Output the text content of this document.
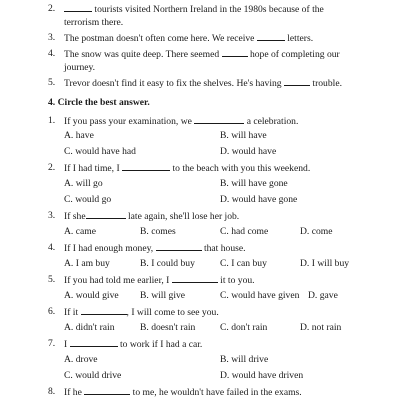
2.	tourists visited Northern Ireland in the 1980s because of the
terrorism there.
3. The postman doesn't often come here. We receive	letters.
4. The snow was quite deep. There seemed	hope of completing our
journey.
5. Trevor doesn't find it easy to fix the shelves. He's having	trouble.
4. Circle the best answer.
1. If you pass your examination, we	a celebration.
A. have	B. will have
C. would have had	D. would have
2. If I had time, I	to the beach with you this weekend.
A. will go	B. will have gone
C. would go	D. would have gone
3. If she	late again, she'll lose her job.
A. came	B. comes	C. had come	D. come
4. If I had enough money,	that house.
A. I am buy	B. I could buy	C. I can buy	D. I will buy
5. If you had told me earlier, I	it to you.
A. would give B. will give	C. would have given D. gave
6. If it	, I will come to see you.
A. didn't rain	B. doesn't rain	C. don't rain	D. not rain
7. I	to work if I had a car.
A. drove	B. will drive
C. would drive	D. would have driven
8. If he	to me, he wouldn't have failed in the exams.
